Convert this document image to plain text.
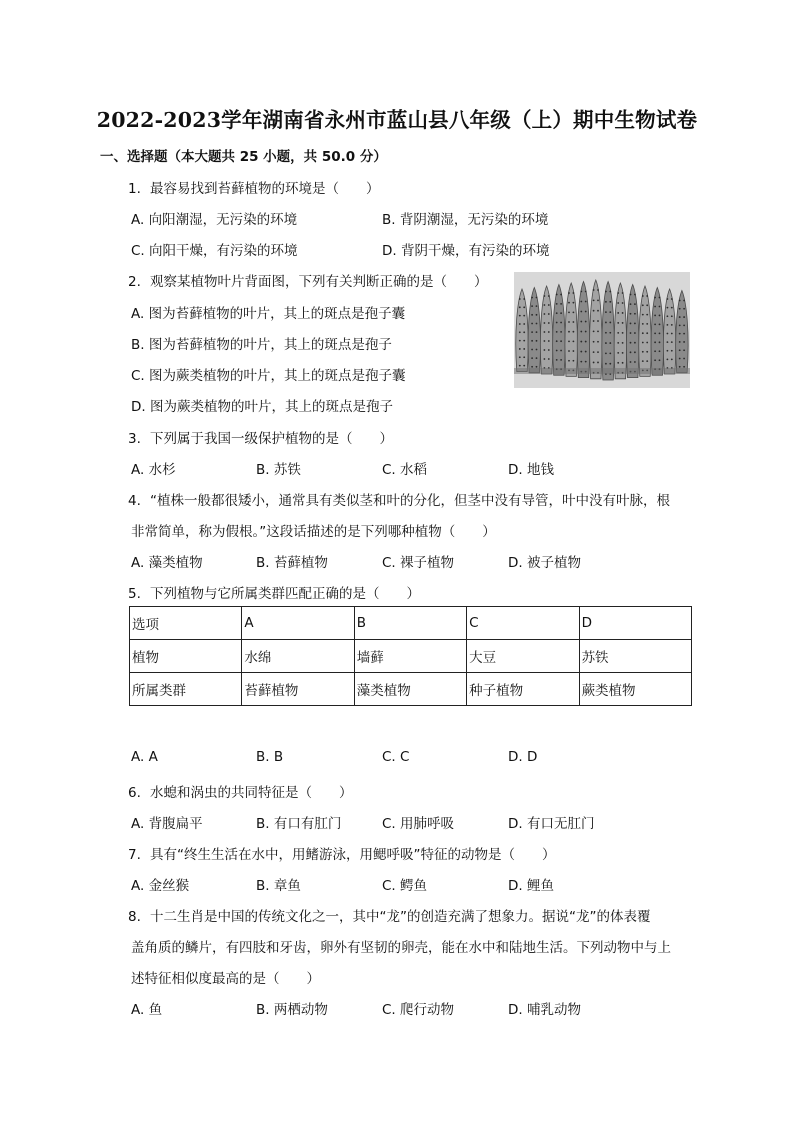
2022-2023学年湖南省永州市蓝山县八年级（上）期中生物试卷
一、选择题（本大题共 25 小题，共 50.0 分）
1. 最容易找到苔藓植物的环境是（　　）
A. 向阳潮湿，无污染的环境	B. 背阴潮湿，无污染的环境
C. 向阳干燥，有污染的环境	D. 背阴干燥，有污染的环境
2. 观察某植物叶片背面图，下列有关判断正确的是（　　）
A. 图为苔藓植物的叶片，其上的斑点是孢子囊
B. 图为苔藓植物的叶片，其上的斑点是孢子
C. 图为蕨类植物的叶片，其上的斑点是孢子囊
D. 图为蕨类植物的叶片，其上的斑点是孢子
3. 下列属于我国一级保护植物的是（　　）
A. 水杉	B. 苏铁	C. 水稻	D. 地钱
4. “植株一般都很矮小，通常具有类似茎和叶的分化，但茎中没有导管，叶中没有叶脉，根
非常简单，称为假根。”这段话描述的是下列哪种植物（　　）
A. 藻类植物	B. 苔藓植物	C. 裸子植物	D. 被子植物
5. 下列植物与它所属类群匹配正确的是（　　）
选项	A	B	C	D
植物	水绵	墙藓	大豆	苏铁
所属类群	苔藓植物	藻类植物	种子植物	蕨类植物
A. A	B. B	C. C	D. D
6. 水螅和涡虫的共同特征是（　　）
A. 背腹扁平	B. 有口有肛门	C. 用肺呼吸	D. 有口无肛门
7. 具有“终生生活在水中，用鳍游泳，用鳃呼吸”特征的动物是（　　）
A. 金丝猴	B. 章鱼	C. 鳄鱼	D. 鲤鱼
8. 十二生肖是中国的传统文化之一，其中“龙”的创造充满了想象力。据说“龙”的体表覆
盖角质的鳞片，有四肢和牙齿，卵外有坚韧的卵壳，能在水中和陆地生活。下列动物中与上
述特征相似度最高的是（　　）
A. 鱼	B. 两栖动物	C. 爬行动物	D. 哺乳动物
